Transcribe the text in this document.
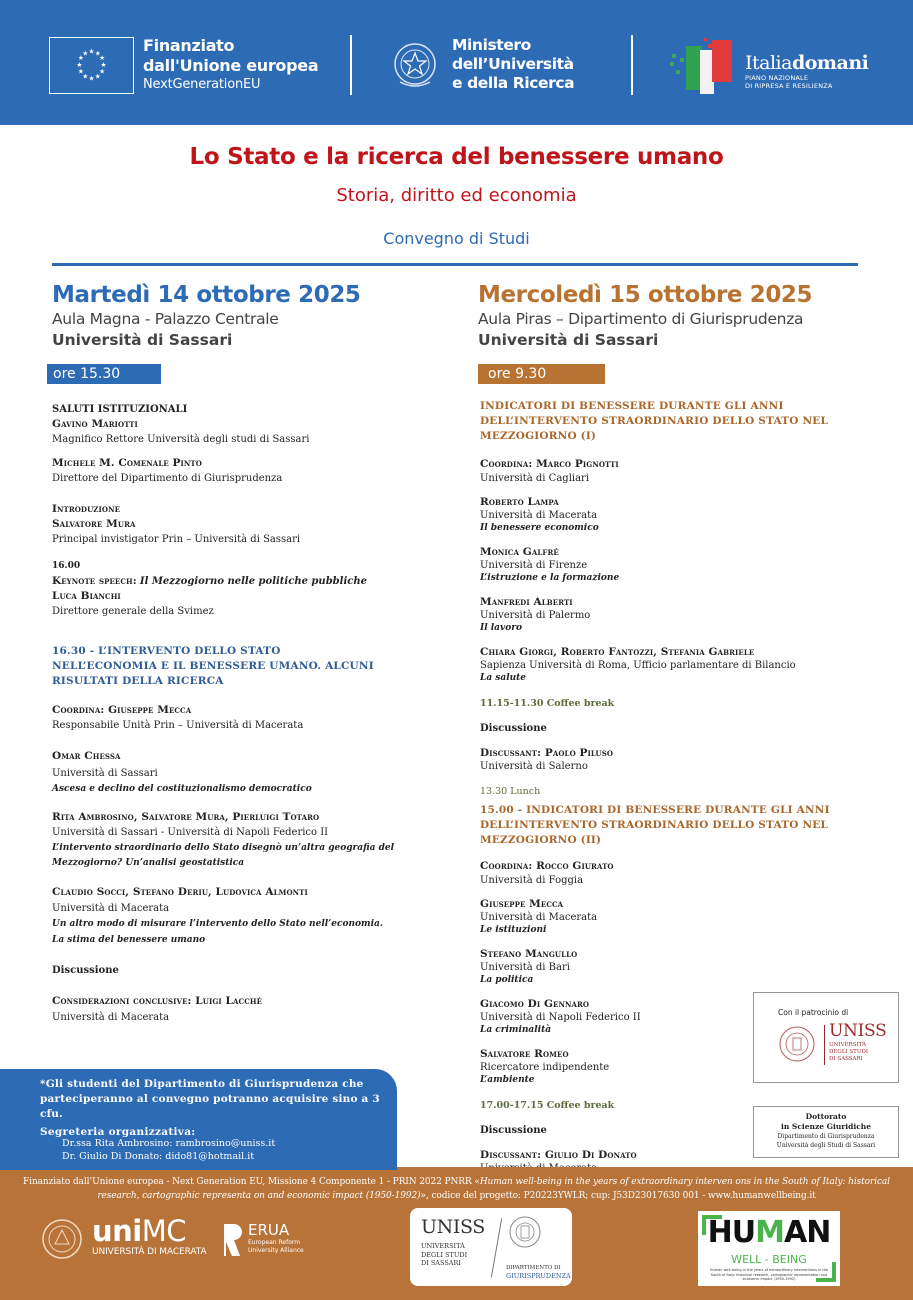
★ ★
★
★
★
★
★
★
★
★
★
★	Finanziato
dall'Unione europea
NextGenerationEU
Ministero
dell’Università
e della Ricerca
Italiadomani
PIANO NAZIONALE
DI RIPRESA E RESILIENZA
Lo Stato e la ricerca del benessere umano
Storia, diritto ed economia
Convegno di Studi
Martedì 14 ottobre 2025
Aula Magna - Palazzo Centrale
Università di Sassari
ore 15.30
Mercoledì 15 ottobre 2025
Aula Piras – Dipartimento di Giurisprudenza
Università di Sassari
ore 9.30
SALUTI ISTITUZIONALI
Gavino Mariotti
Magnifico Rettore Università degli studi di Sassari
Michele M. Comenale Pinto
Direttore del Dipartimento di Giurisprudenza
Introduzione
Salvatore Mura
Principal invistigator Prin – Università di Sassari
16.00
Keynote speech: Il Mezzogiorno nelle politiche pubbliche
Luca Bianchi
Direttore generale della Svimez
16.30 - L’INTERVENTO DELLO STATO
NELL’ECONOMIA E IL BENESSERE UMANO. ALCUNI
RISULTATI DELLA RICERCA
Coordina: Giuseppe Mecca
Responsabile Unità Prin – Università di Macerata
Omar Chessa
Università di Sassari
Ascesa e declino del costituzionalismo democratico
Rita Ambrosino, Salvatore Mura, Pierluigi Totaro
Università di Sassari - Università di Napoli Federico II
L’intervento straordinario dello Stato disegnò un’altra geografia del
Mezzogiorno? Un’analisi geostatistica
Claudio Socci, Stefano Deriu, Ludovica Almonti
Università di Macerata
Un altro modo di misurare l’intervento dello Stato nell’economia.
La stima del benessere umano
Discussione
Considerazioni conclusive: Luigi Lacchè
Università di Macerata
INDICATORI DI BENESSERE DURANTE GLI ANNI
DELL’INTERVENTO STRAORDINARIO DELLO STATO NEL
MEZZOGIORNO (I)
Coordina: Marco Pignotti
Università di Cagliari
Roberto Lampa
Università di Macerata
Il benessere economico
Monica Galfré
Università di Firenze
L’istruzione e la formazione
Manfredi Alberti
Università di Palermo
Il lavoro
Chiara Giorgi, Roberto Fantozzi, Stefania Gabriele
Sapienza Università di Roma, Ufficio parlamentare di Bilancio
La salute
11.15-11.30 Coffee break
Discussione
Discussant: Paolo Piluso
Università di Salerno
13.30 Lunch
15.00 - INDICATORI DI BENESSERE DURANTE GLI ANNI
DELL’INTERVENTO STRAORDINARIO DELLO STATO NEL
MEZZOGIORNO (II)
Coordina: Rocco Giurato
Università di Foggia
Giuseppe Mecca
Università di Macerata
Le istituzioni
Stefano Mangullo
Università di Bari
La politica
Giacomo Di Gennaro
Università di Napoli Federico II
La criminalità
Salvatore Romeo
Ricercatore indipendente
L’ambiente
17.00-17.15 Coffee break
Discussione
Discussant: Giulio Di Donato
Con il patrocinio di
UNISS
UNIVERSITÀ
DEGLI STUDI
DI SASSARI
Dottorato
in Scienze Giuridiche
Dipartimento di Giurisprudenza
Università degli Studi di Sassari
*Gli studenti del Dipartimento di Giurisprudenza che
parteciperanno al convegno potranno acquisire sino a 3 cfu.
Segreteria organizzativa:
Dr.ssa Rita Ambrosino: rambrosino@uniss.it
Dr. Giulio Di Donato: dido81@hotmail.it
Finanziato dall’Unione europea - Next Generation EU, Missione 4 Componente 1 - PRIN 2022 PNRR «Human well-being in the years of extraordinary interven ons in the South of Italy: historical research, cartographic representa on and economic impact (1950-1992)», codice del progetto: P20223YWLR; cup: J53D23017630 001 - www.humanwellbeing.it
uniMC
UNIVERSITÀ DI MACERATA
ERUA
European Reform
University Alliance
UNISS
UNIVERSITÀ
DEGLI STUDI
DI SASSARI
DIPARTIMENTO DI
GIURISPRUDENZA
HUMAN
WELL - BEING
Human well-being in the years of extraordinary interventions in the South of Italy: historical research, cartographic representation and economic impact (1950-1992)
